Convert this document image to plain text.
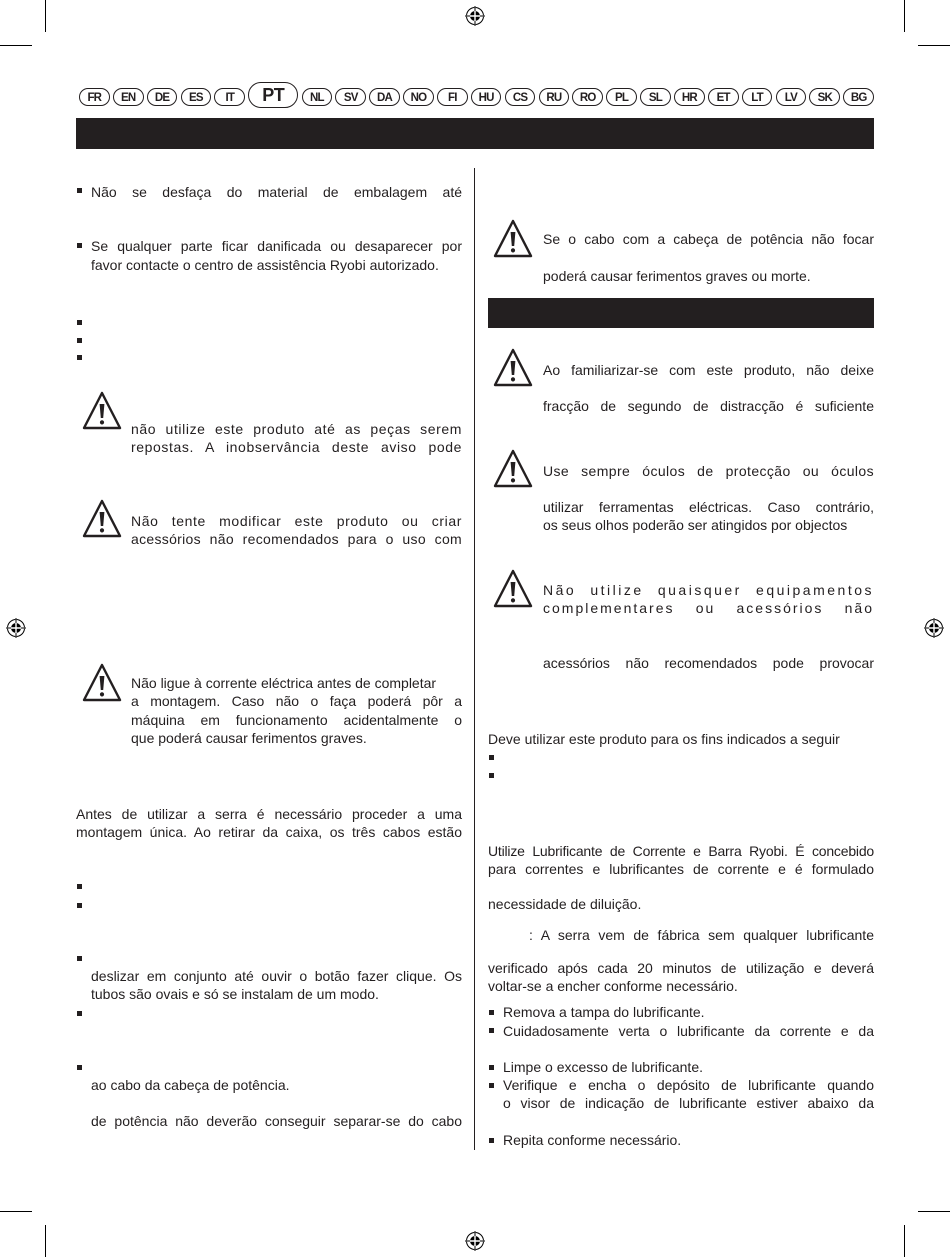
FR	EN	DE	ES	IT	PT	NL	SV	DA	NO	FI	HU	CS	RU	RO	PL	SL	HR	ET	LT	LV	SK	BG
Não se desfaça do material de embalagem até
Se qualquer parte ficar danificada ou desaparecer por
favor contacte o centro de assistência Ryobi autorizado.
não utilize este produto até as peças serem
repostas. A inobservância deste aviso pode
Não tente modificar este produto ou criar
acessórios não recomendados para o uso com
Não ligue à corrente eléctrica antes de completar
a montagem. Caso não o faça poderá pôr a
máquina em funcionamento acidentalmente o
que poderá causar ferimentos graves.
Antes de utilizar a serra é necessário proceder a uma
montagem única. Ao retirar da caixa, os três cabos estão
deslizar em conjunto até ouvir o botão fazer clique. Os
tubos são ovais e só se instalam de um modo.
ao cabo da cabeça de potência.
de potência não deverão conseguir separar-se do cabo
Se o cabo com a cabeça de potência não focar
poderá causar ferimentos graves ou morte.
Ao familiarizar-se com este produto, não deixe
fracção de segundo de distracção é suficiente
Use sempre óculos de protecção ou óculos
utilizar ferramentas eléctricas. Caso contrário,
os seus olhos poderão ser atingidos por objectos
Não utilize quaisquer equipamentos
complementares ou acessórios não
acessórios não recomendados pode provocar
Deve utilizar este produto para os fins indicados a seguir
Utilize Lubrificante de Corrente e Barra Ryobi. É concebido
para correntes e lubrificantes de corrente e é formulado
necessidade de diluição.
: A serra vem de fábrica sem qualquer lubrificante
verificado após cada 20 minutos de utilização e deverá
voltar-se a encher conforme necessário.
Remova a tampa do lubrificante.
Cuidadosamente verta o lubrificante da corrente e da
Limpe o excesso de lubrificante.
Verifique e encha o depósito de lubrificante quando
o visor de indicação de lubrificante estiver abaixo da
Repita conforme necessário.
